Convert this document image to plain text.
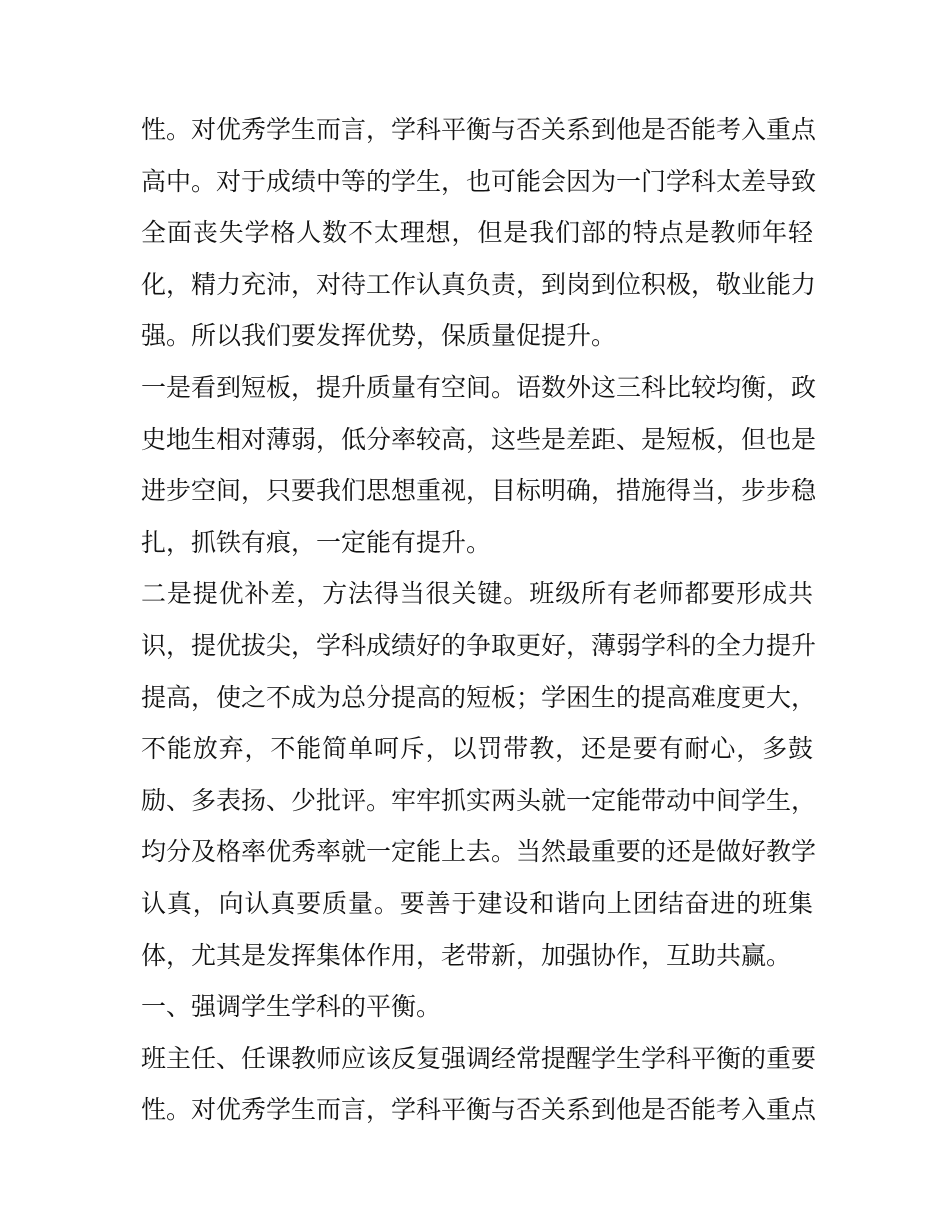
性。对优秀学生而言，学科平衡与否关系到他是否能考入重点
高中。对于成绩中等的学生，也可能会因为一门学科太差导致
全面丧失学格人数不太理想，但是我们部的特点是教师年轻
化，精力充沛，对待工作认真负责，到岗到位积极，敬业能力
强。所以我们要发挥优势，保质量促提升。
一是看到短板，提升质量有空间。语数外这三科比较均衡，政
史地生相对薄弱，低分率较高，这些是差距、是短板，但也是
进步空间，只要我们思想重视，目标明确，措施得当，步步稳
扎，抓铁有痕，一定能有提升。
二是提优补差，方法得当很关键。班级所有老师都要形成共
识，提优拔尖，学科成绩好的争取更好，薄弱学科的全力提升
提高，使之不成为总分提高的短板；学困生的提高难度更大，
不能放弃，不能简单呵斥，以罚带教，还是要有耐心，多鼓
励、多表扬、少批评。牢牢抓实两头就一定能带动中间学生，
均分及格率优秀率就一定能上去。当然最重要的还是做好教学
认真，向认真要质量。要善于建设和谐向上团结奋进的班集
体，尤其是发挥集体作用，老带新，加强协作，互助共赢。
一、强调学生学科的平衡。
班主任、任课教师应该反复强调经常提醒学生学科平衡的重要
性。对优秀学生而言，学科平衡与否关系到他是否能考入重点
